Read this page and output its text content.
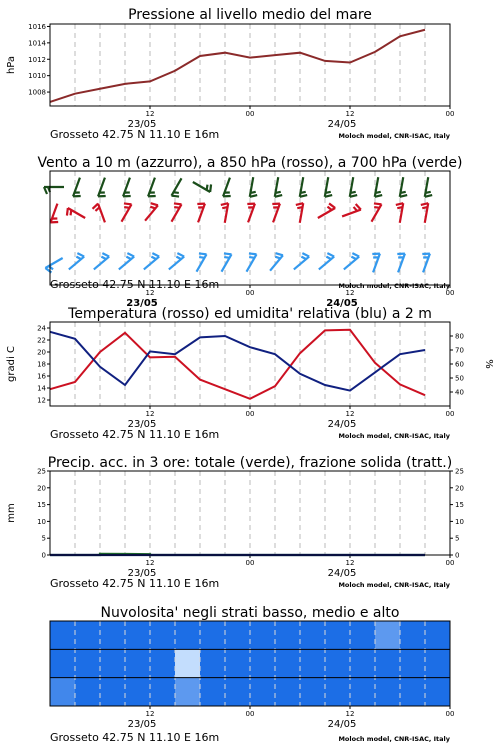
Pressione al livello medio del mare
12	00	12	00
23/05	24/05
Grosseto 42.75 N 11.10 E 16m	Moloch model, CNR-ISAC, Italy
1008
1010
1012
1014
1016
hPa
Vento a 10 m (azzurro), a 850 hPa (rosso), a 700 hPa (verde)
12	00	12	00
23/05	24/05
Grosseto 42.75 N 11.10 E 16m	Moloch model, CNR-ISAC, Italy
Temperatura (rosso) ed umidita' relativa (blu) a 2 m
12	00	12	00
23/05	24/05
Grosseto 42.75 N 11.10 E 16m	Moloch model, CNR-ISAC, Italy
12
14
16
18
20
22
24
40
50
60
70
80
gradi C	%
Precip. acc. in 3 ore: totale (verde), frazione solida (tratt.)
12	00	12	00
23/05	24/05
Grosseto 42.75 N 11.10 E 16m	Moloch model, CNR-ISAC, Italy
0	0
5	5
10	10
15	15
20	20
25	25
mm
Nuvolosita' negli strati basso, medio e alto
12	00	12	00
23/05	24/05
Grosseto 42.75 N 11.10 E 16m	Moloch model, CNR-ISAC, Italy
